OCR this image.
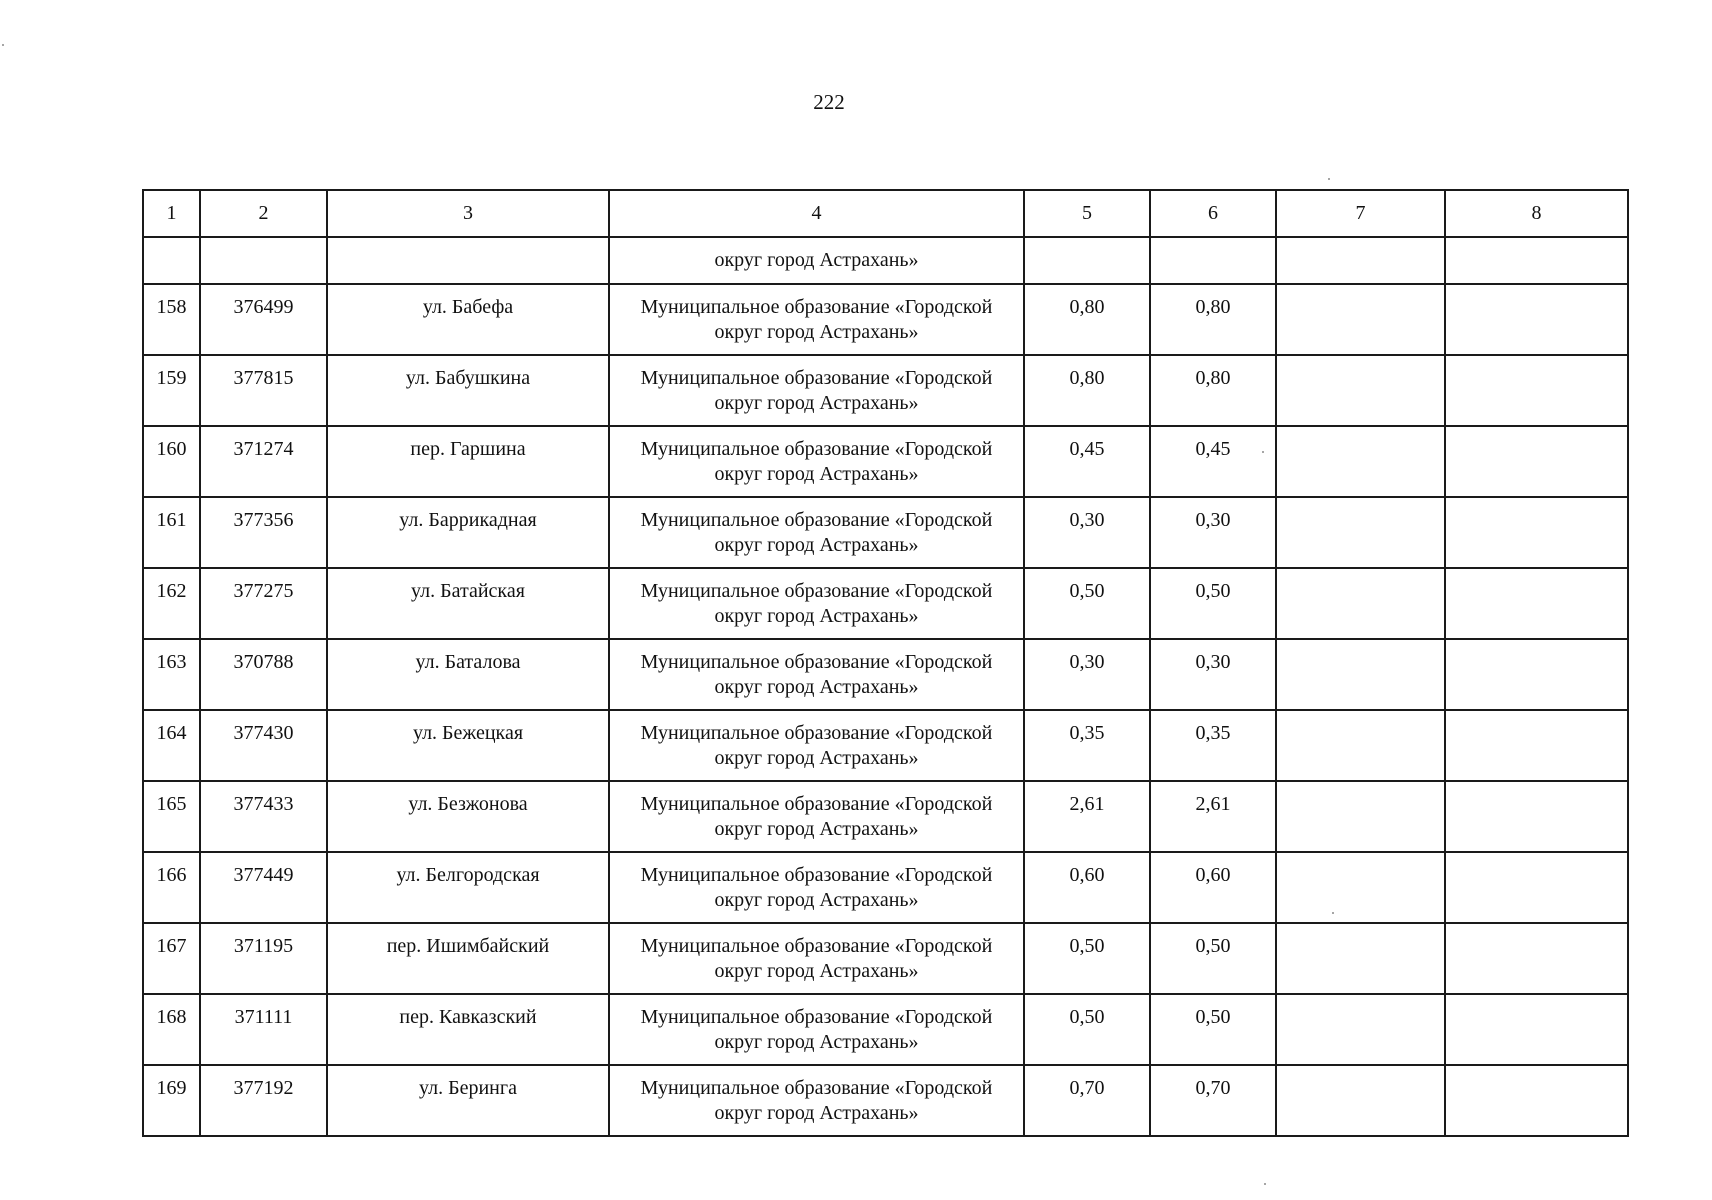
222
1	2	3	4	5	6	7	8

			округ город Астрахань»				

158	376499	ул. Бабефа	Муниципальное образование «Городской
округ город Астрахань»	0,80	0,80		
159	377815	ул. Бабушкина	Муниципальное образование «Городской
округ город Астрахань»	0,80	0,80		
160	371274	пер. Гаршина	Муниципальное образование «Городской
округ город Астрахань»	0,45	0,45		
161	377356	ул. Баррикадная	Муниципальное образование «Городской
округ город Астрахань»	0,30	0,30		
162	377275	ул. Батайская	Муниципальное образование «Городской
округ город Астрахань»	0,50	0,50		
163	370788	ул. Баталова	Муниципальное образование «Городской
округ город Астрахань»	0,30	0,30		
164	377430	ул. Бежецкая	Муниципальное образование «Городской
округ город Астрахань»	0,35	0,35		
165	377433	ул. Безжонова	Муниципальное образование «Городской
округ город Астрахань»	2,61	2,61		
166	377449	ул. Белгородская	Муниципальное образование «Городской
округ город Астрахань»	0,60	0,60		
167	371195	пер. Ишимбайский	Муниципальное образование «Городской
округ город Астрахань»	0,50	0,50		
168	371111	пер. Кавказский	Муниципальное образование «Городской
округ город Астрахань»	0,50	0,50		
169	377192	ул. Беринга	Муниципальное образование «Городской
округ город Астрахань»	0,70	0,70		
